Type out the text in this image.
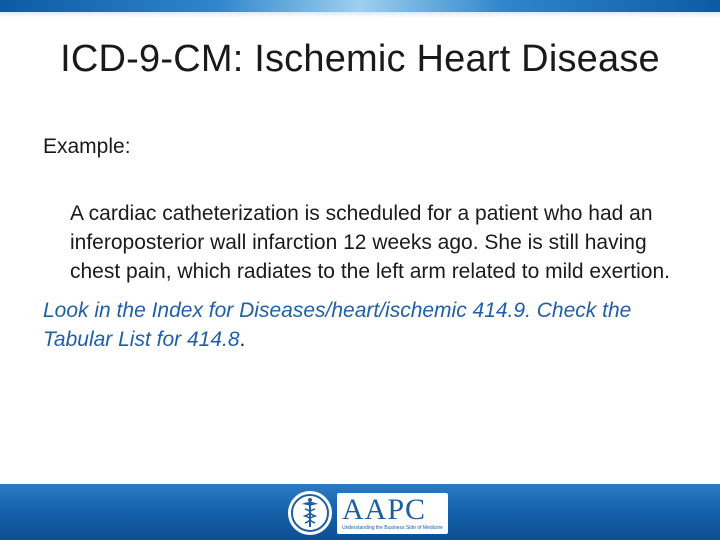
ICD-9-CM: Ischemic Heart Disease
Example:
A cardiac catheterization is scheduled for a patient who had an inferoposterior wall infarction 12 weeks ago. She is still having chest pain, which radiates to the left arm related to mild exertion.
Look in the Index for Diseases/heart/ischemic 414.9. Check the Tabular List for 414.8.
AAPC
Understanding the Business Side of Medicine
